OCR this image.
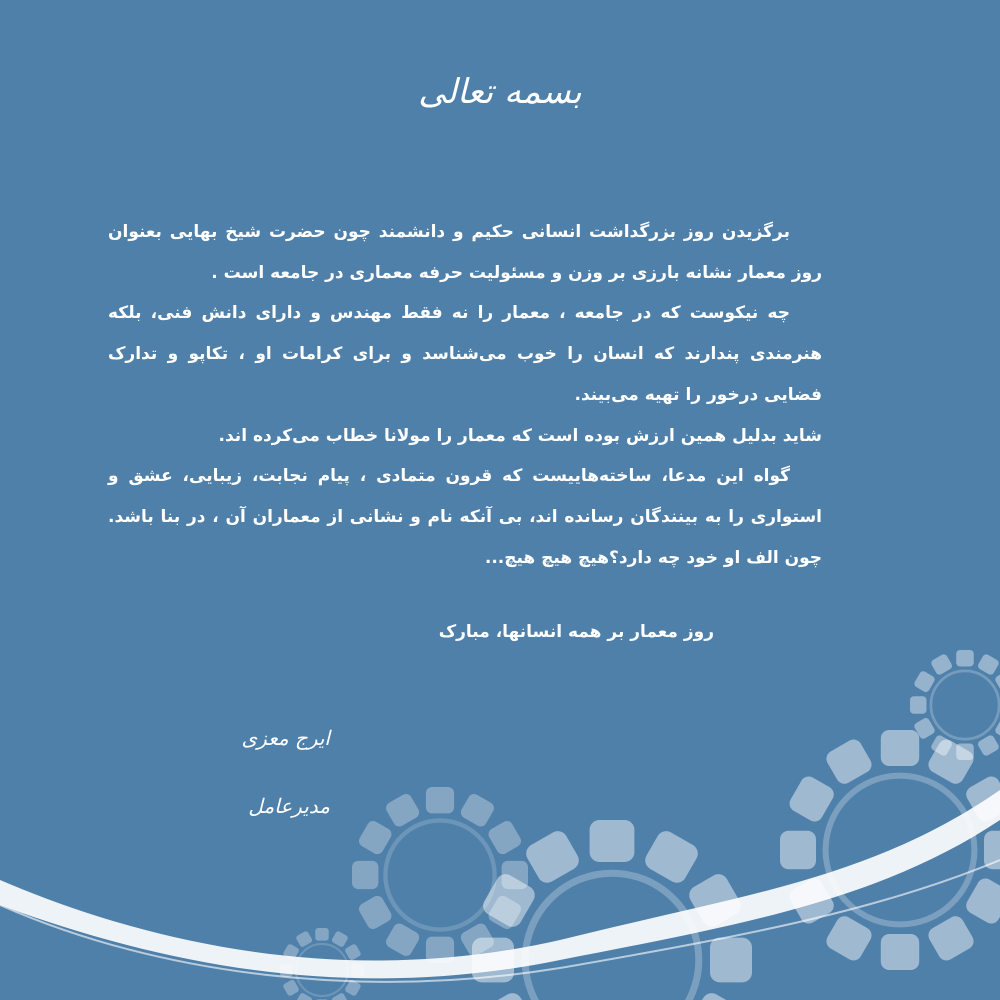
بسمه تعالی

برگزیدن روز بزرگداشت انسانی حکیم و دانشمند چون حضرت شیخ بهایی بعنوان روز معمار نشانه بارزی بر وزن و مسئولیت حرفه معماری در جامعه است .

چه نیکوست که در جامعه ، معمار را نه فقط مهندس و دارای دانش فنی، بلکه هنرمندی پندارند که انسان را خوب می‌شناسد و برای کرامات او ، تکاپو و تدارک فضایی درخور را تهیه می‌بیند.

شاید بدلیل همین ارزش بوده است که معمار را مولانا خطاب می‌کرده اند.

گواه این مدعا، ساخته‌هاییست که قرون متمادی ، پیام نجابت، زیبایی، عشق و استواری را به بینندگان رسانده اند، بی آنکه نام و نشانی از معماران آن ، در بنا باشد. چون الف او خود چه دارد؟هیچ هیچ هیچ...

روز معمار بر همه انسانها، مبارک
ایرج معزی
مدیرعامل
